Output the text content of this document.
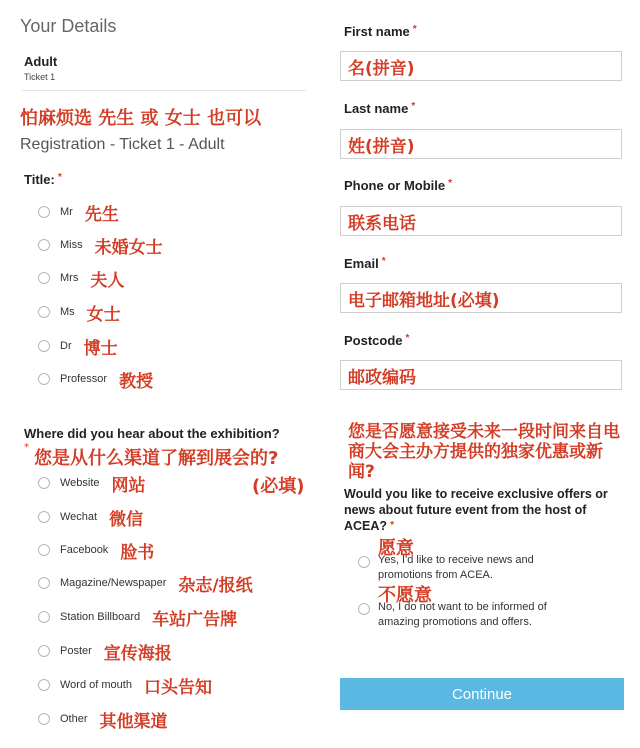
Your Details
Adult
Ticket 1
怕麻烦选 先生 或 女士 也可以
Registration - Ticket 1 - Adult
Title: *
Mr 先生
Miss 未婚女士
Mrs 夫人
Ms 女士
Dr 博士
Professor 教授
Where did you hear about the exhibition?
*
您是从什么渠道了解到展会的?
(必填)
Website 网站
Wechat 微信
Facebook 脸书
Magazine/Newspaper 杂志/报纸
Station Billboard 车站广告牌
Poster 宣传海报
Word of mouth 口头告知
Other 其他渠道
First name *
名(拼音)
Last name *
姓(拼音)
Phone or Mobile *
联系电话
Email *
电子邮箱地址(必填)
Postcode *
邮政编码
您是否愿意接受未来一段时间来自电商大会主办方提供的独家优惠或新闻?
Would you like to receive exclusive offers or news about future event from the host of ACEA? *
愿意
Yes, I'd like to receive news and promotions from ACEA.
不愿意
No, I do not want to be informed of amazing promotions and offers.
Continue
